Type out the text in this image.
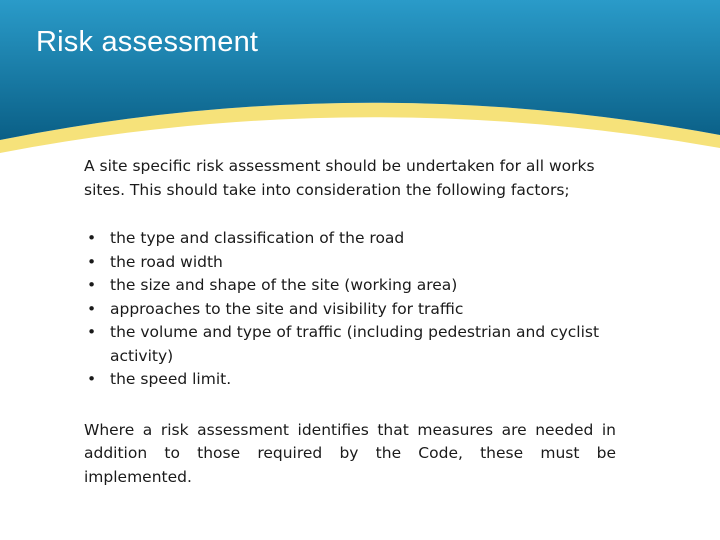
Risk assessment

A site specific risk assessment should be undertaken for all works sites. This should take into consideration the following factors;

• the type and classification of the road
• the road width
• the size and shape of the site (working area)
• approaches to the site and visibility for traffic
• the volume and type of traffic (including pedestrian and cyclist activity)
• the speed limit.

Where a risk assessment identifies that measures are needed in addition to those required by the Code, these must be implemented.
